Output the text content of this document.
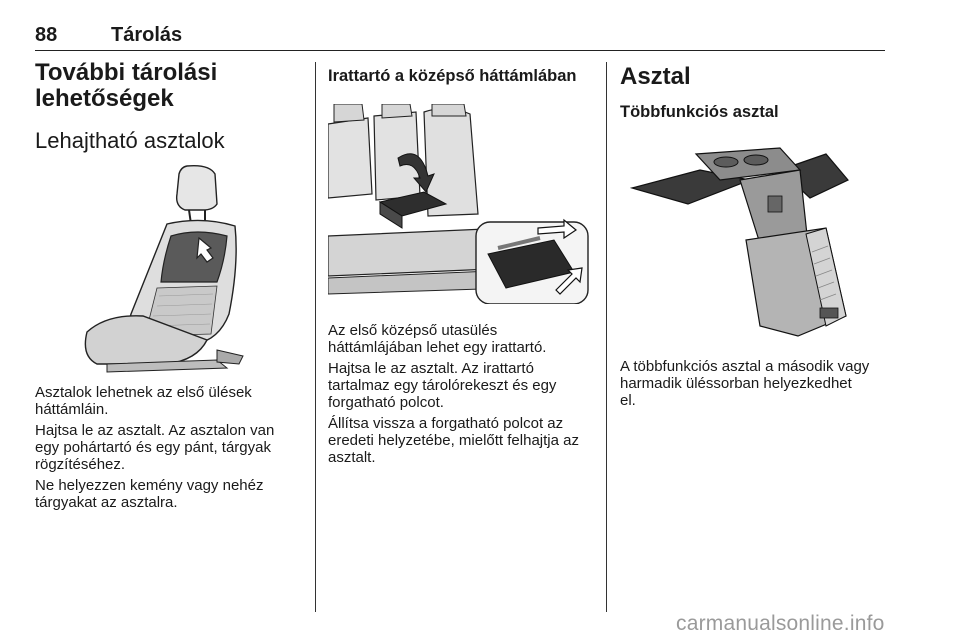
88	Tárolás
További tárolási
lehetőségek
Lehajtható asztalok

Asztalok lehetnek az első ülések

háttámláin.

Hajtsa le az asztalt. Az asztalon van

egy pohártartó és egy pánt, tárgyak

rögzítéséhez.

Ne helyezzen kemény vagy nehéz

tárgyakat az asztalra.

Irattartó a középső háttámlában

Az első középső utasülés

háttámlájában lehet egy irattartó.

Hajtsa le az asztalt. Az irattartó

tartalmaz egy tárolórekeszt és egy

forgatható polcot.

Állítsa vissza a forgatható polcot az

eredeti helyzetébe, mielőtt felhajtja az

asztalt.

Asztal
Többfunkciós asztal

A többfunkciós asztal a második vagy

harmadik üléssorban helyezkedhet

el.

carmanualsonline.info
